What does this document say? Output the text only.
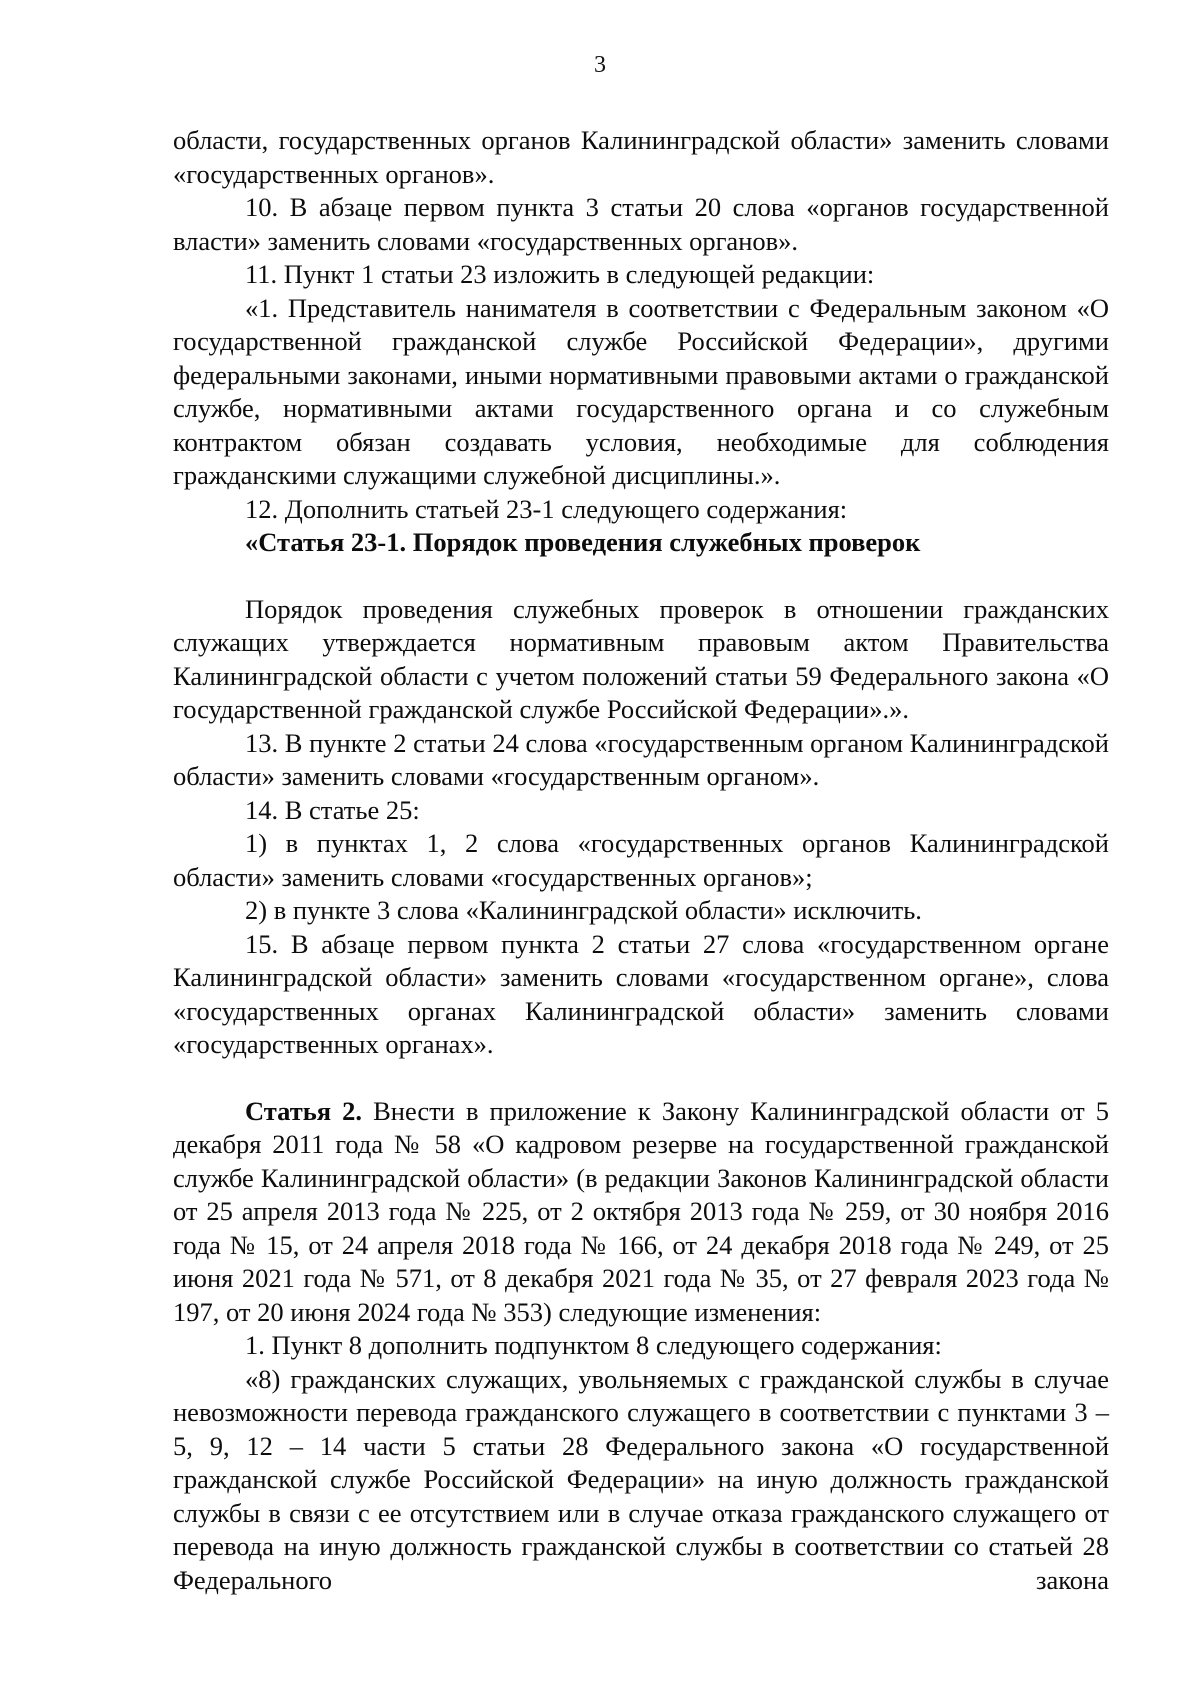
3

области, государственных органов Калининградской области» заменить словами «государственных органов».

10. В абзаце первом пункта 3 статьи 20 слова «органов государственной власти» заменить словами «государственных органов».

11. Пункт 1 статьи 23 изложить в следующей редакции:

«1. Представитель нанимателя в соответствии с Федеральным законом «О государственной гражданской службе Российской Федерации», другими федеральными законами, иными нормативными правовыми актами о гражданской службе, нормативными актами государственного органа и со служебным контрактом обязан создавать условия, необходимые для соблюдения гражданскими служащими служебной дисциплины.».

12. Дополнить статьей 23-1 следующего содержания:

«Статья 23-1. Порядок проведения служебных проверок

Порядок проведения служебных проверок в отношении гражданских служащих утверждается нормативным правовым актом Правительства Калининградской области с учетом положений статьи 59 Федерального закона «О государственной гражданской службе Российской Федерации».».

13. В пункте 2 статьи 24 слова «государственным органом Калининградской области» заменить словами «государственным органом».

14. В статье 25:

1) в пунктах 1, 2 слова «государственных органов Калининградской области» заменить словами «государственных органов»;

2) в пункте 3 слова «Калининградской области» исключить.

15. В абзаце первом пункта 2 статьи 27 слова «государственном органе Калининградской области» заменить словами «государственном органе», слова «государственных органах Калининградской области» заменить словами «государственных органах».

Статья 2. Внести в приложение к Закону Калининградской области от 5 декабря 2011 года № 58 «О кадровом резерве на государственной гражданской службе Калининградской области» (в редакции Законов Калининградской области от 25 апреля 2013 года № 225, от 2 октября 2013 года № 259, от 30 ноября 2016 года № 15, от 24 апреля 2018 года № 166, от 24 декабря 2018 года № 249, от 25 июня 2021 года № 571, от 8 декабря 2021 года № 35, от 27 февраля 2023 года № 197, от 20 июня 2024 года № 353) следующие изменения:

1. Пункт 8 дополнить подпунктом 8 следующего содержания:

«8) гражданских служащих, увольняемых с гражданской службы в случае невозможности перевода гражданского служащего в соответствии с пунктами 3 – 5, 9, 12 – 14 части 5 статьи 28 Федерального закона «О государственной гражданской службе Российской Федерации» на иную должность гражданской службы в связи с ее отсутствием или в случае отказа гражданского служащего от перевода на иную должность гражданской службы в соответствии со статьей 28 Федерального закона
